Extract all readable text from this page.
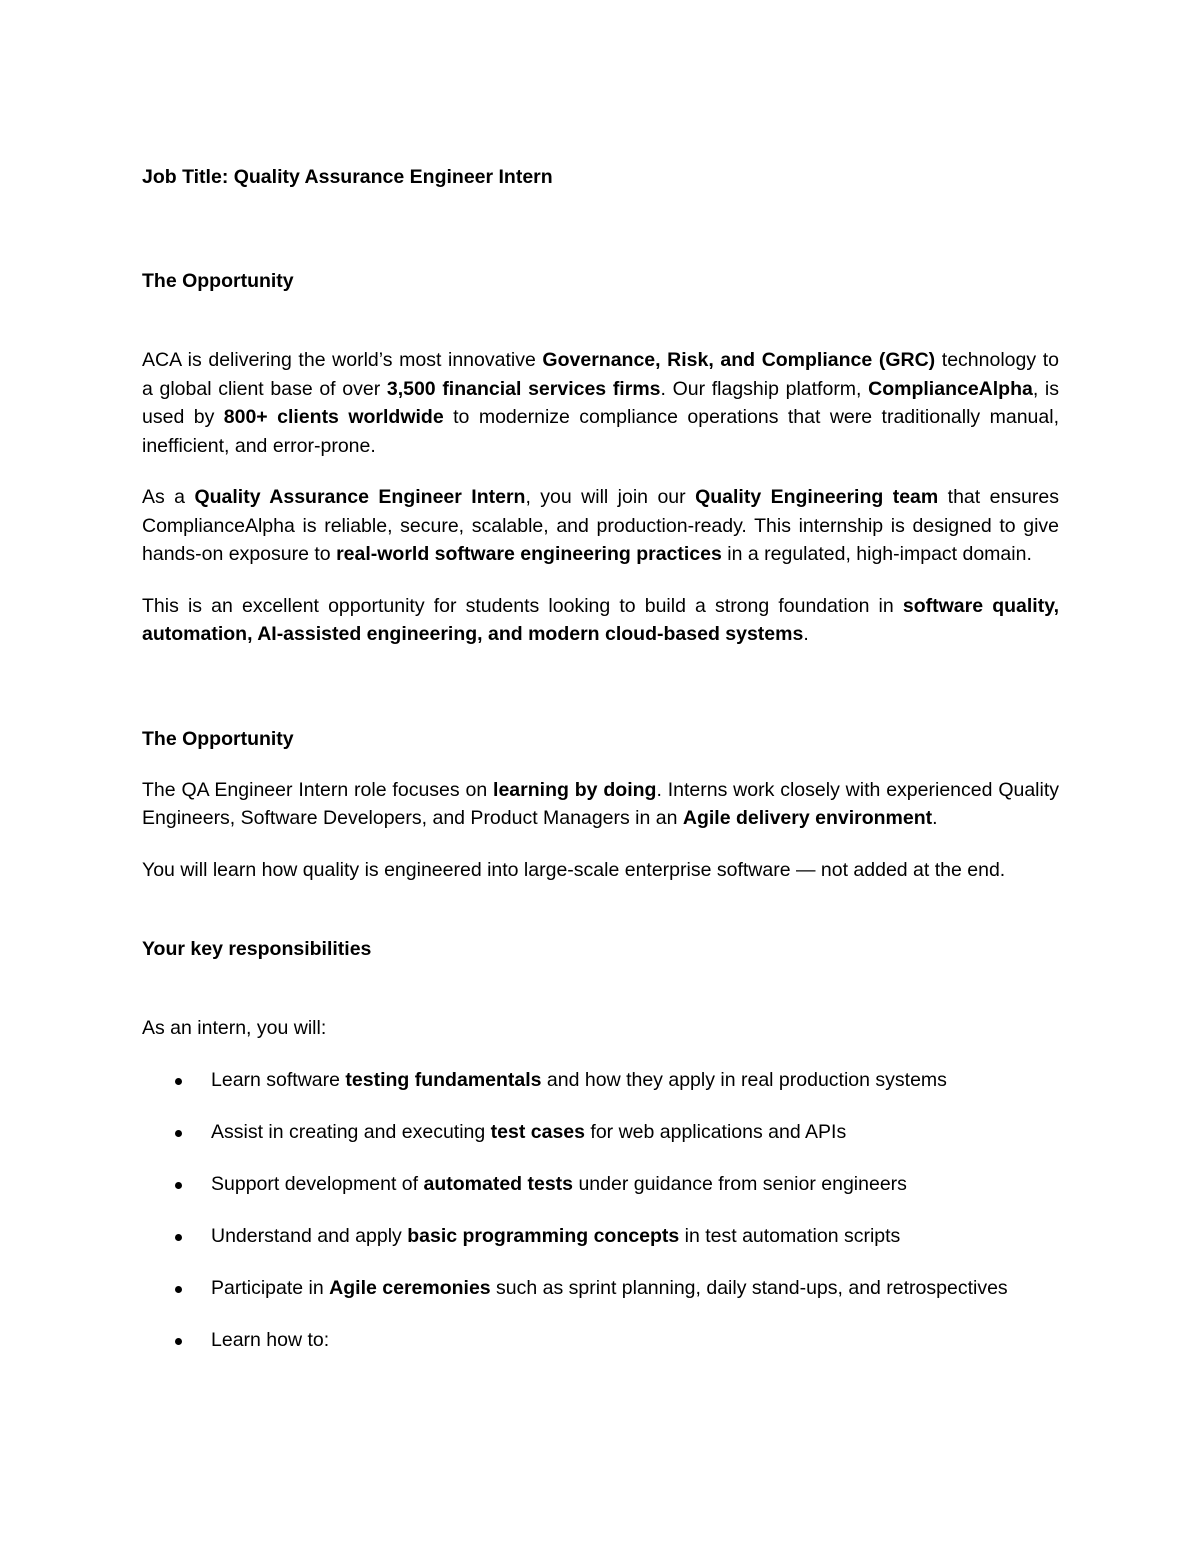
Job Title: Quality Assurance Engineer Intern

The Opportunity

ACA is delivering the world’s most innovative Governance, Risk, and Compliance (GRC) technology to a global client base of over 3,500 financial services firms. Our flagship platform, ComplianceAlpha, is used by 800+ clients worldwide to modernize compliance operations that were traditionally manual, inefficient, and error-prone.

As a Quality Assurance Engineer Intern, you will join our Quality Engineering team that ensures ComplianceAlpha is reliable, secure, scalable, and production-ready. This internship is designed to give hands-on exposure to real-world software engineering practices in a regulated, high-impact domain.

This is an excellent opportunity for students looking to build a strong foundation in software quality, automation, AI-assisted engineering, and modern cloud-based systems.

The Opportunity

The QA Engineer Intern role focuses on learning by doing. Interns work closely with experienced Quality Engineers, Software Developers, and Product Managers in an Agile delivery environment.

You will learn how quality is engineered into large-scale enterprise software — not added at the end.

Your key responsibilities

As an intern, you will:

Learn software testing fundamentals and how they apply in real production systems
Assist in creating and executing test cases for web applications and APIs
Support development of automated tests under guidance from senior engineers
Understand and apply basic programming concepts in test automation scripts
Participate in Agile ceremonies such as sprint planning, daily stand-ups, and retrospectives
Learn how to:
